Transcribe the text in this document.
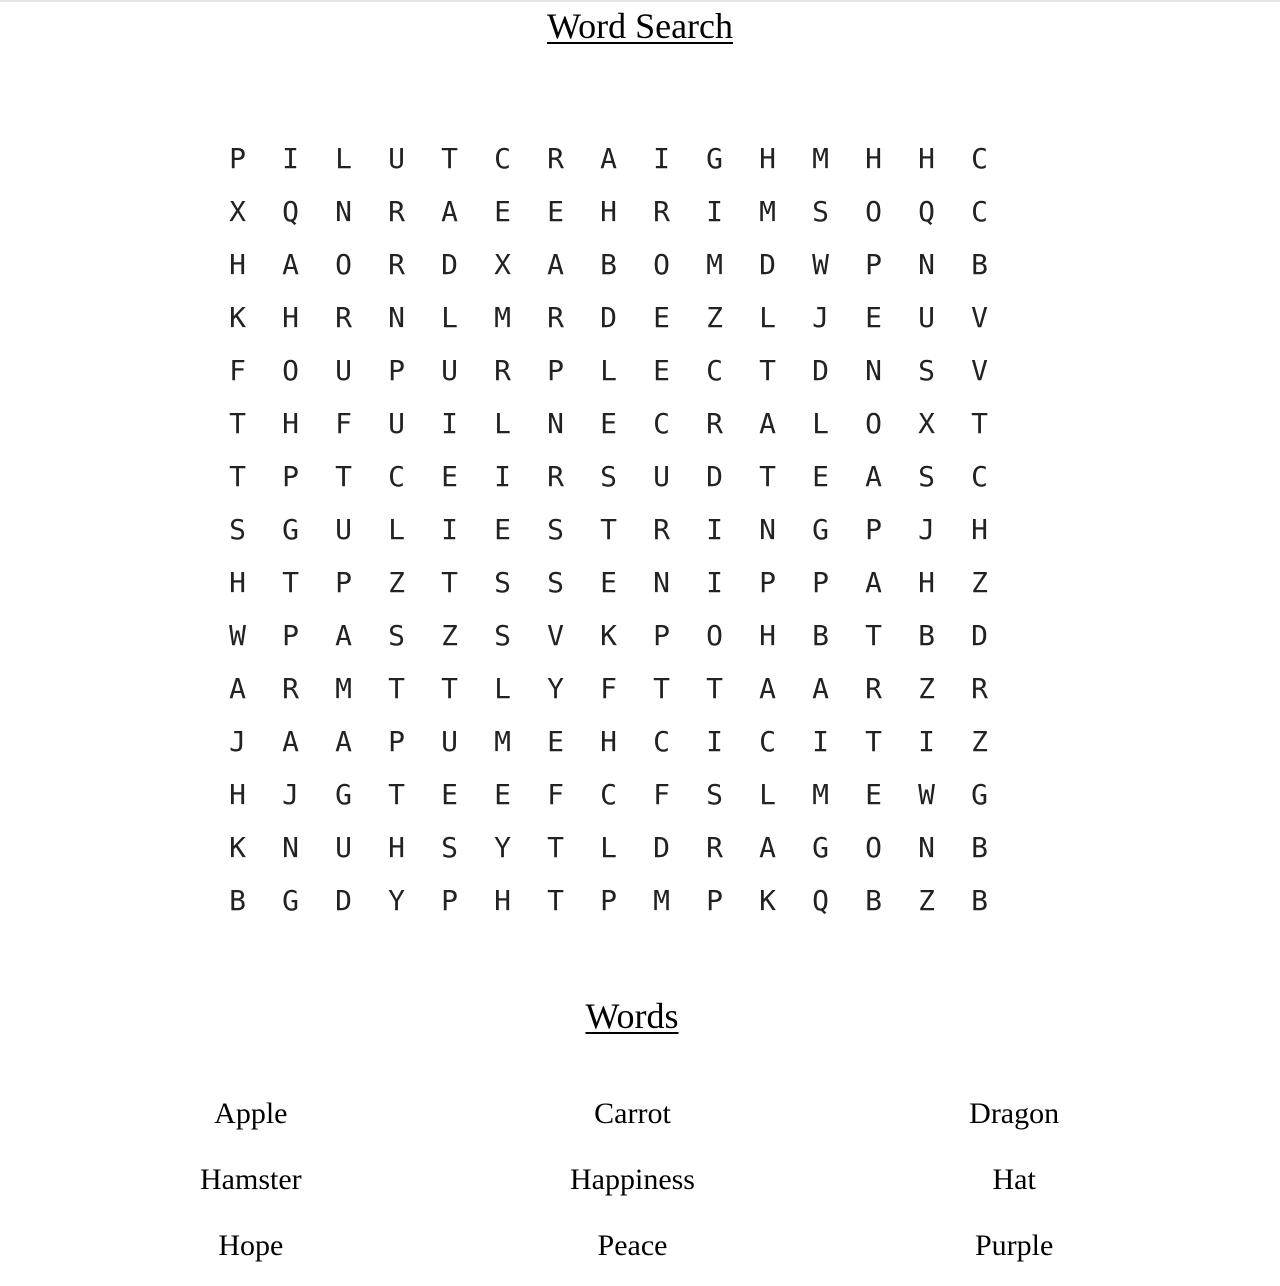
Word Search
P	I	L	U	T	C	R	A	I	G	H	M	H	H	C
X	Q	N	R	A	E	E	H	R	I	M	S	O	Q	C
H	A	O	R	D	X	A	B	O	M	D	W	P	N	B
K	H	R	N	L	M	R	D	E	Z	L	J	E	U	V
F	O	U	P	U	R	P	L	E	C	T	D	N	S	V
T	H	F	U	I	L	N	E	C	R	A	L	O	X	T
T	P	T	C	E	I	R	S	U	D	T	E	A	S	C
S	G	U	L	I	E	S	T	R	I	N	G	P	J	H
H	T	P	Z	T	S	S	E	N	I	P	P	A	H	Z
W	P	A	S	Z	S	V	K	P	O	H	B	T	B	D
A	R	M	T	T	L	Y	F	T	T	A	A	R	Z	R
J	A	A	P	U	M	E	H	C	I	C	I	T	I	Z
H	J	G	T	E	E	F	C	F	S	L	M	E	W	G
K	N	U	H	S	Y	T	L	D	R	A	G	O	N	B
B	G	D	Y	P	H	T	P	M	P	K	Q	B	Z	B
Words
Apple	Carrot	Dragon
Hamster	Happiness	Hat
Hope	Peace	Purple
